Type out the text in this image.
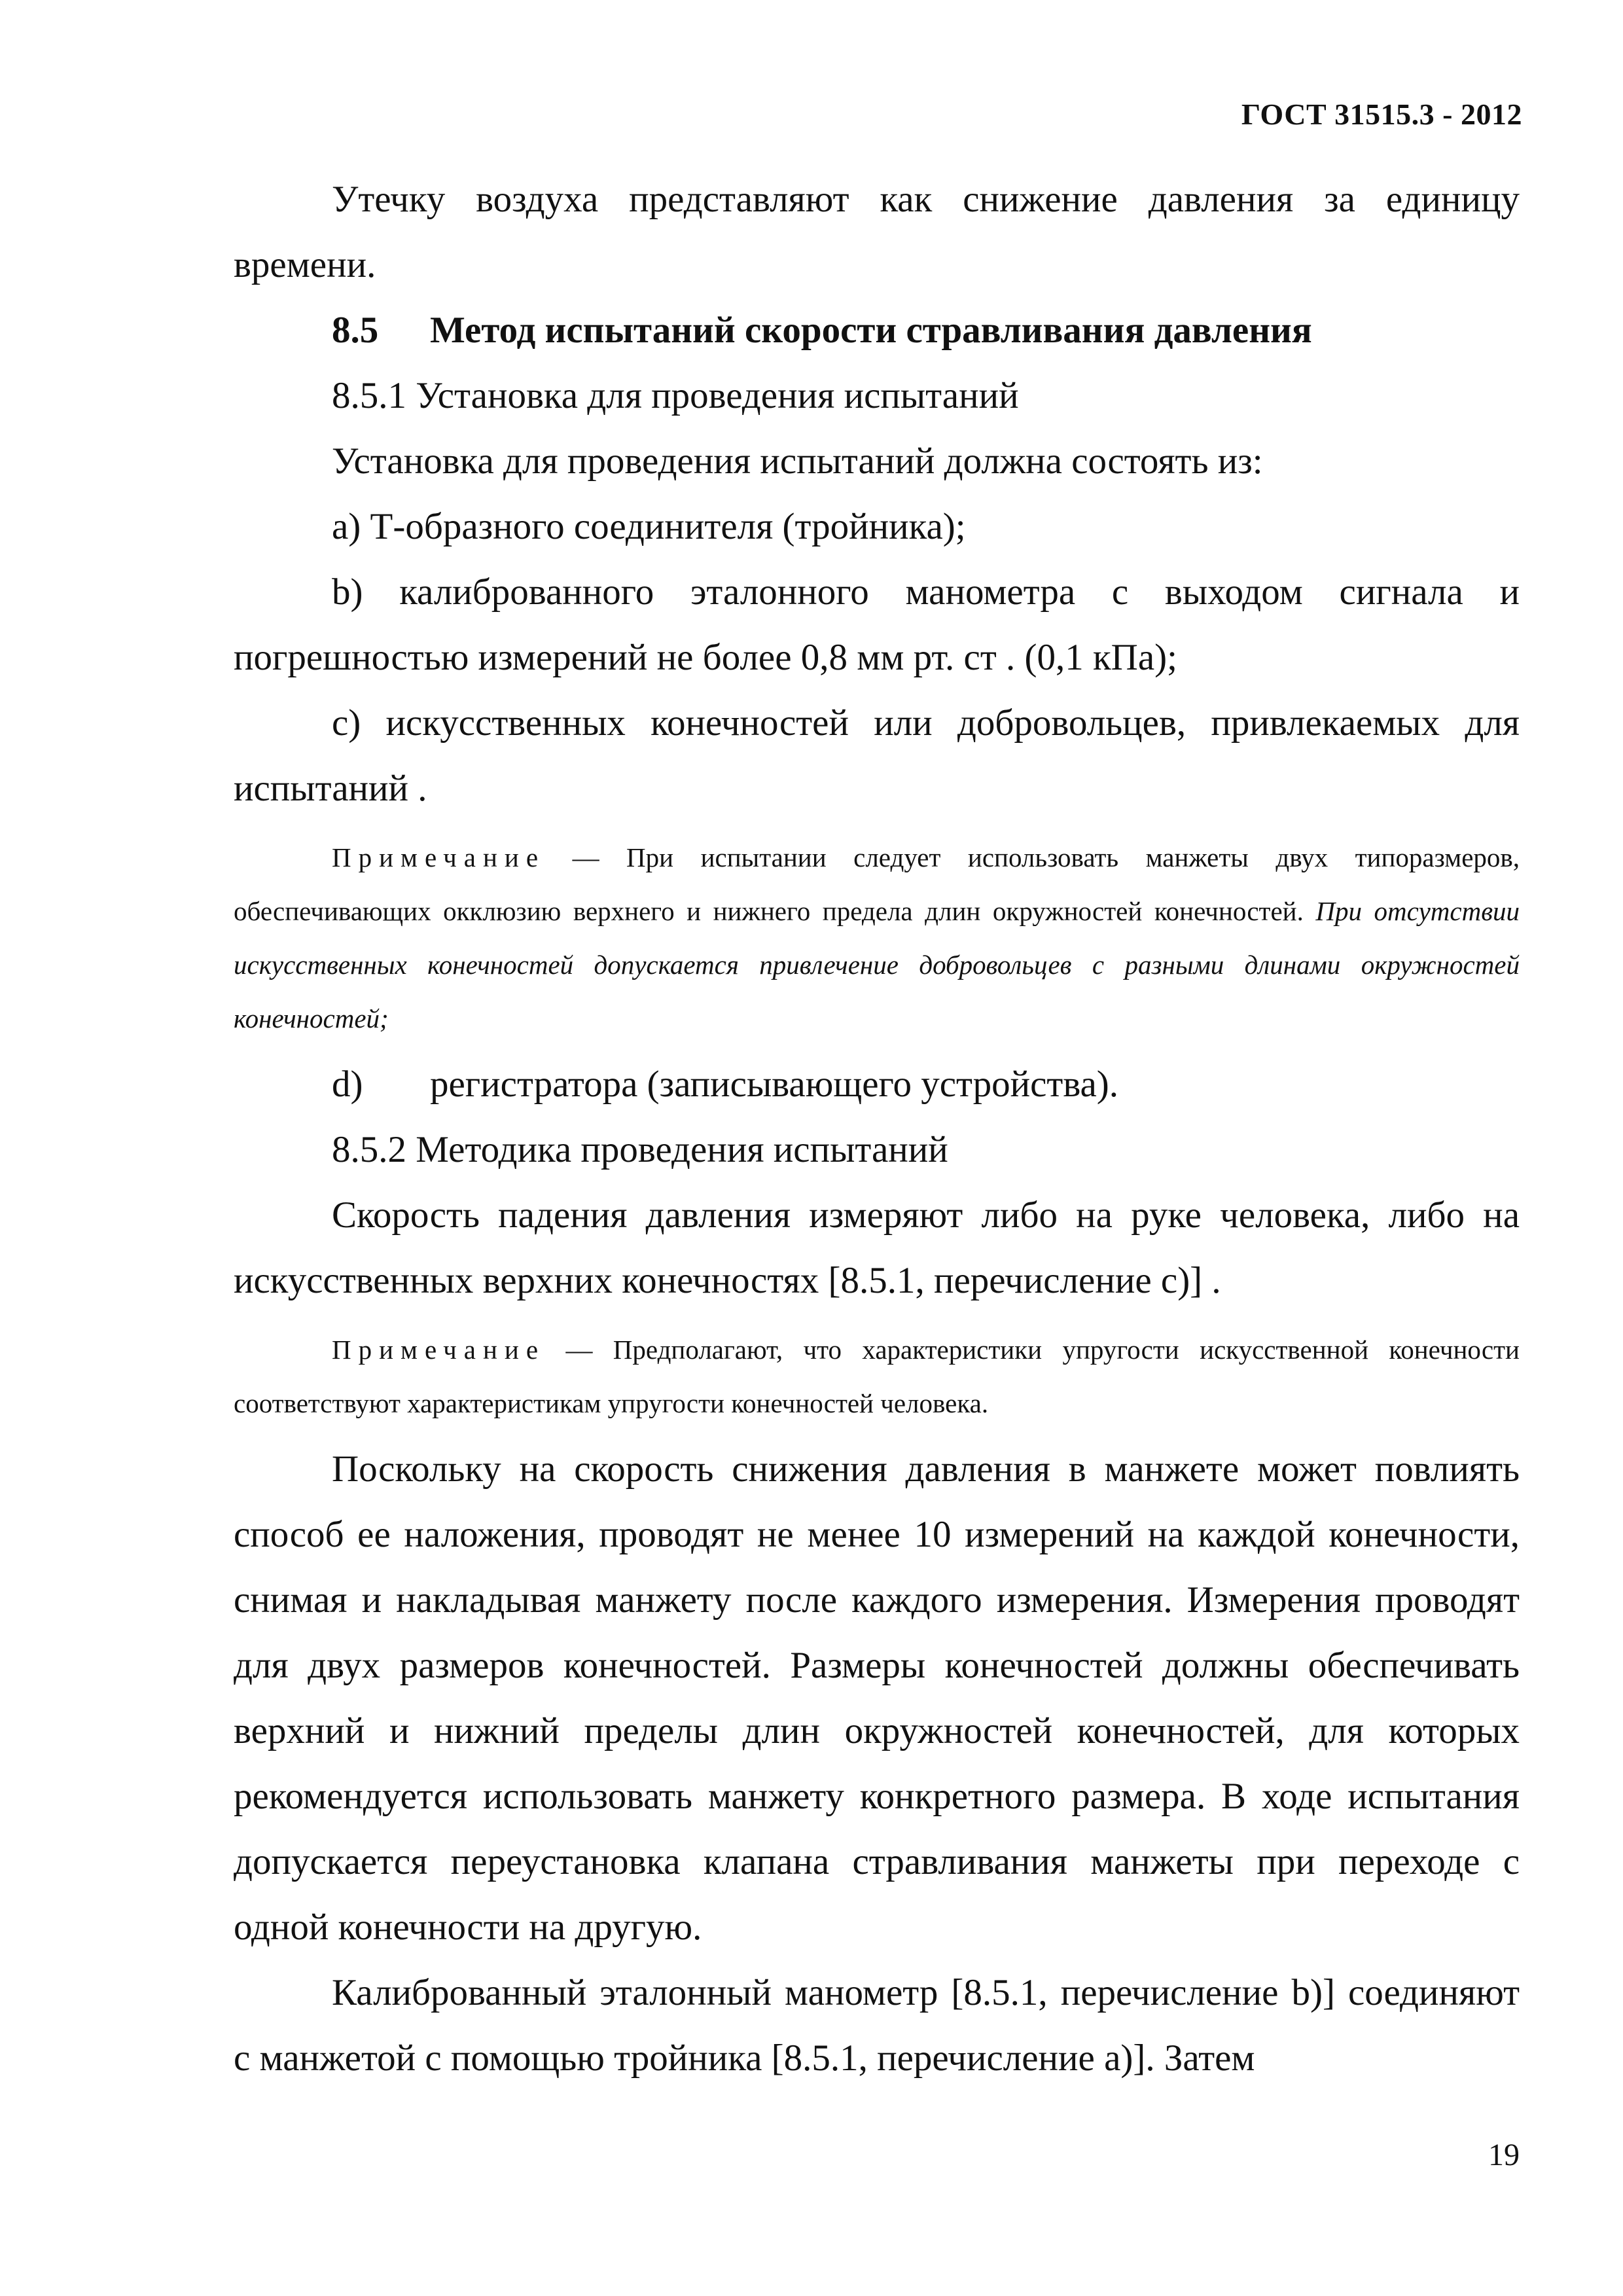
ГОСТ 31515.3 - 2012

Утечку воздуха представляют как снижение давления за единицу времени.

8.5 Метод испытаний скорости стравливания давления

8.5.1 Установка для проведения испытаний

Установка для проведения испытаний должна состоять из:

a) Т-образного соединителя (тройника);

b) калиброванного эталонного манометра с выходом сигнала и погрешностью измерений не более 0,8 мм рт. ст . (0,1 кПа);

c) искусственных конечностей или добровольцев, привлекаемых для испытаний .

Примечание — При испытании следует использовать манжеты двух типоразмеров, обеспечивающих окклюзию верхнего и нижнего предела длин окружностей конечностей. При отсутствии искусственных конечностей допускается привлечение добровольцев с разными длинами окружностей конечностей;

d) регистратора (записывающего устройства).

8.5.2 Методика проведения испытаний

Скорость падения давления измеряют либо на руке человека, либо на искусственных верхних конечностях [8.5.1, перечисление c)] .

Примечание — Предполагают, что характеристики упругости искусственной конечности соответствуют характеристикам упругости конечностей человека.

Поскольку на скорость снижения давления в манжете может повлиять способ ее наложения, проводят не менее 10 измерений на каждой конечности, снимая и накладывая манжету после каждого измерения. Измерения проводят для двух размеров конечностей. Размеры конечностей должны обеспечивать верхний и нижний пределы длин окружностей конечностей, для которых рекомендуется использовать манжету конкретного размера. В ходе испытания допускается переустановка клапана стравливания манжеты при переходе с одной конечности на другую.

Калиброванный эталонный манометр [8.5.1, перечисление b)] соединяют с манжетой с помощью тройника [8.5.1, перечисление a)]. Затем

19
